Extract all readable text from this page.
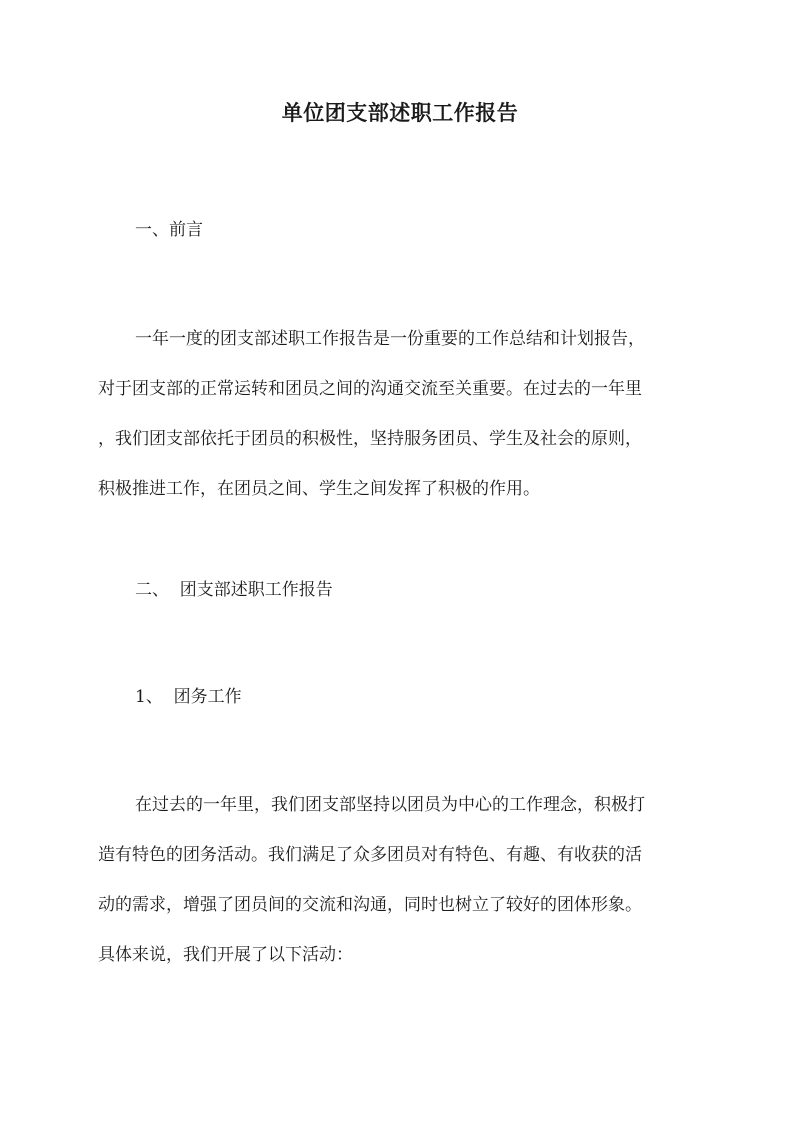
单位团支部述职工作报告
一、前言
一年一度的团支部述职工作报告是一份重要的工作总结和计划报告，
对于团支部的正常运转和团员之间的沟通交流至关重要。在过去的一年里
，我们团支部依托于团员的积极性，坚持服务团员、学生及社会的原则，
积极推进工作，在团员之间、学生之间发挥了积极的作用。
二、  团支部述职工作报告
1、  团务工作
在过去的一年里，我们团支部坚持以团员为中心的工作理念，积极打
造有特色的团务活动。我们满足了众多团员对有特色、有趣、有收获的活
动的需求，增强了团员间的交流和沟通，同时也树立了较好的团体形象。
具体来说，我们开展了以下活动：
